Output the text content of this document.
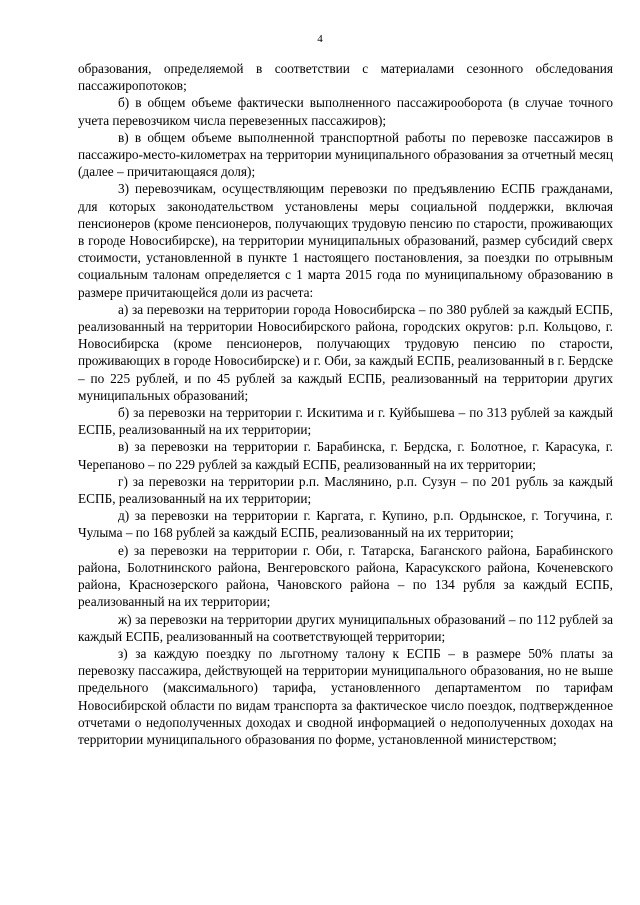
4

образования, определяемой в соответствии с материалами сезонного обследования пассажиропотоков;

б) в общем объеме фактически выполненного пассажирооборота (в случае точного учета перевозчиком числа перевезенных пассажиров);

в) в общем объеме выполненной транспортной работы по перевозке пассажиров в пассажиро-место-километрах на территории муниципального образования за отчетный месяц (далее – причитающаяся доля);

3) перевозчикам, осуществляющим перевозки по предъявлению ЕСПБ гражданами, для которых законодательством установлены меры социальной поддержки, включая пенсионеров (кроме пенсионеров, получающих трудовую пенсию по старости, проживающих в городе Новосибирске), на территории муниципальных образований, размер субсидий сверх стоимости, установленной в пункте 1 настоящего постановления, за поездки по отрывным социальным талонам определяется с 1 марта 2015 года по муниципальному образованию в размере причитающейся доли из расчета:

а) за перевозки на территории города Новосибирска – по 380 рублей за каждый ЕСПБ, реализованный на территории Новосибирского района, городских округов: р.п. Кольцово, г. Новосибирска (кроме пенсионеров, получающих трудовую пенсию по старости, проживающих в городе Новосибирске) и г. Оби, за каждый ЕСПБ, реализованный в г. Бердске – по 225 рублей, и по 45 рублей за каждый ЕСПБ, реализованный на территории других муниципальных образований;

б) за перевозки на территории г. Искитима и г. Куйбышева – по 313 рублей за каждый ЕСПБ, реализованный на их территории;

в) за перевозки на территории г. Барабинска, г. Бердска, г. Болотное, г. Карасука, г. Черепаново – по 229 рублей за каждый ЕСПБ, реализованный на их территории;

г) за перевозки на территории р.п. Маслянино, р.п. Сузун – по 201 рубль за каждый ЕСПБ, реализованный на их территории;

д) за перевозки на территории г. Каргата, г. Купино, р.п. Ордынское, г. Тогучина, г. Чулыма – по 168 рублей за каждый ЕСПБ, реализованный на их территории;

е) за перевозки на территории г. Оби, г. Татарска, Баганского района, Барабинского района, Болотнинского района, Венгеровского района, Карасукского района, Коченевского района, Краснозерского района, Чановского района – по 134 рубля за каждый ЕСПБ, реализованный на их территории;

ж) за перевозки на территории других муниципальных образований – по 112 рублей за каждый ЕСПБ, реализованный на соответствующей территории;

з) за каждую поездку по льготному талону к ЕСПБ – в размере 50% платы за перевозку пассажира, действующей на территории муниципального образования, но не выше предельного (максимального) тарифа, установленного департаментом по тарифам Новосибирской области по видам транспорта за фактическое число поездок, подтвержденное отчетами о недополученных доходах и сводной информацией о недополученных доходах на территории муниципального образования по форме, установленной министерством;
